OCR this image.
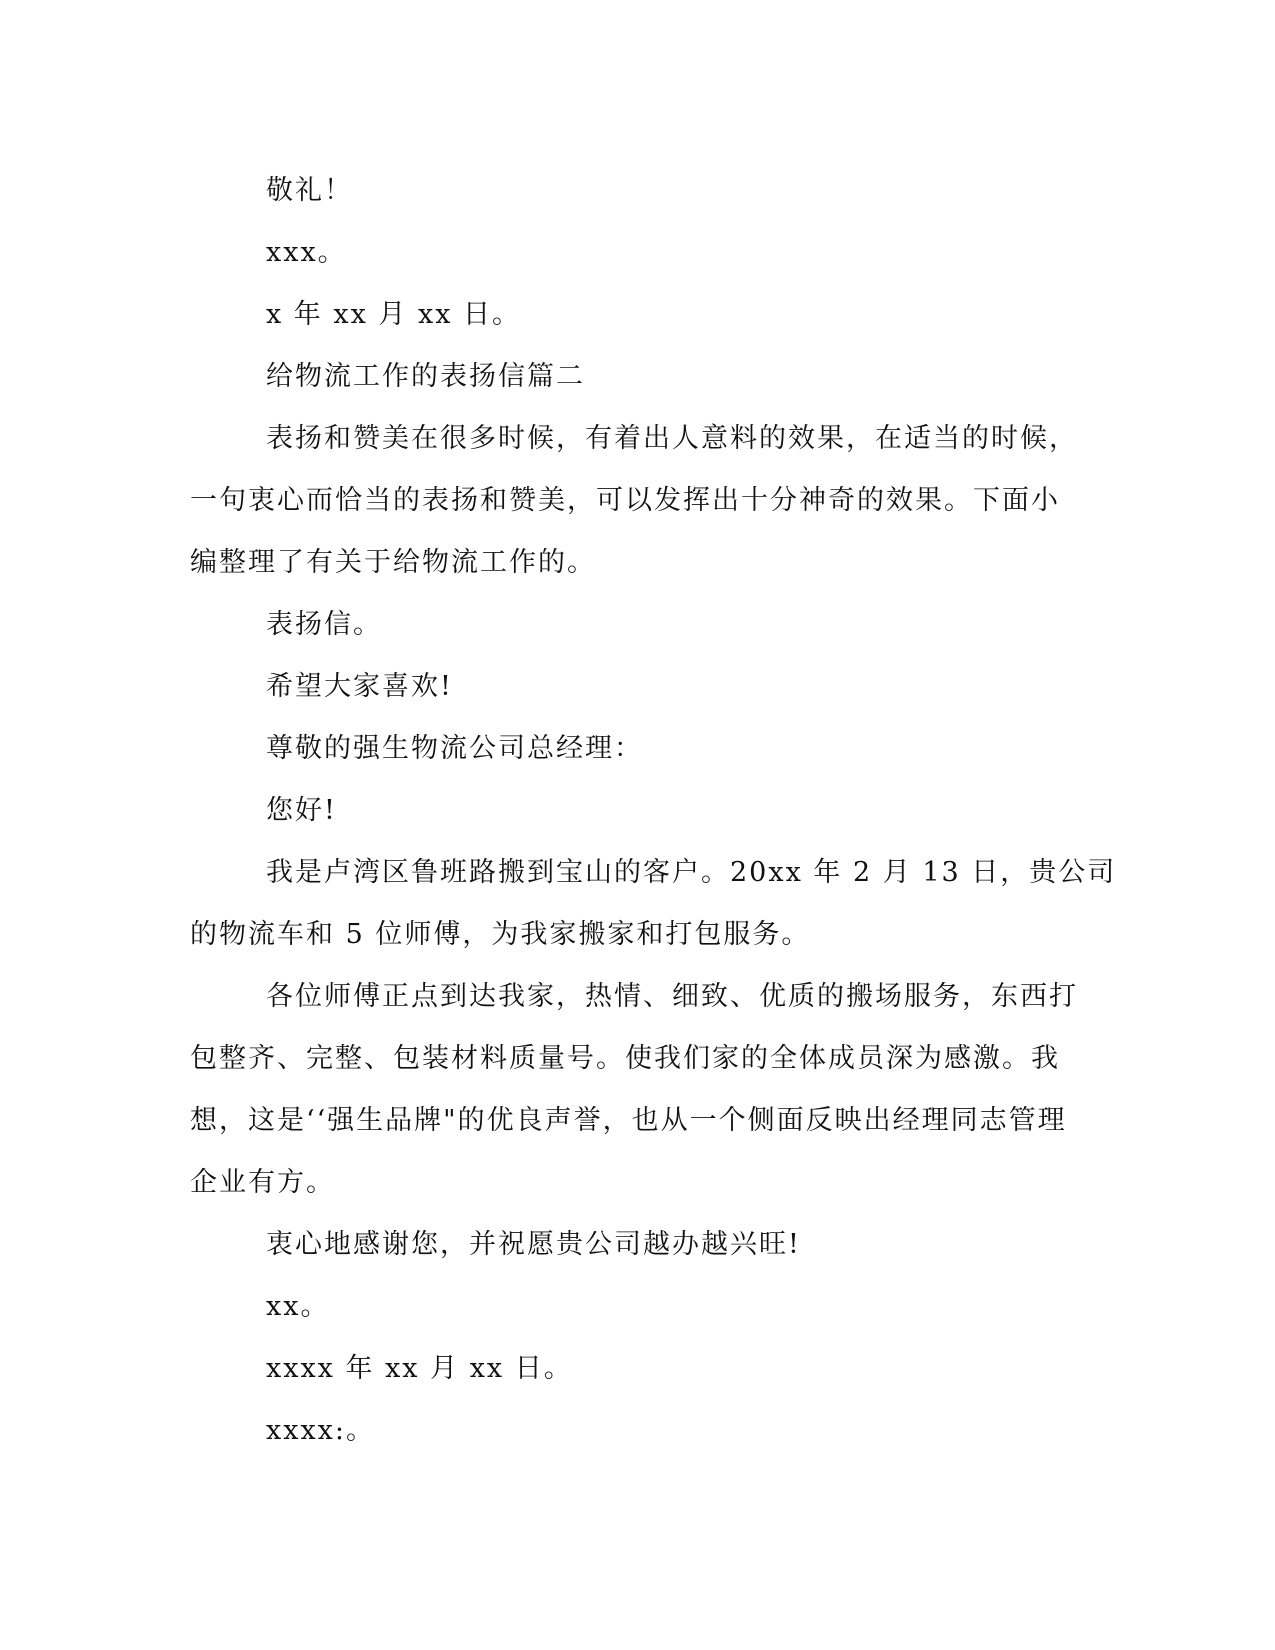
敬礼！

xxx。

x 年 xx 月 xx 日。

给物流工作的表扬信篇二

表扬和赞美在很多时候，有着出人意料的效果，在适当的时候，

一句衷心而恰当的表扬和赞美，可以发挥出十分神奇的效果。下面小

编整理了有关于给物流工作的。

表扬信。

希望大家喜欢!

尊敬的强生物流公司总经理：

您好!

我是卢湾区鲁班路搬到宝山的客户。20xx 年 2 月 13 日，贵公司

的物流车和 5 位师傅，为我家搬家和打包服务。

各位师傅正点到达我家，热情、细致、优质的搬场服务，东西打

包整齐、完整、包装材料质量号。使我们家的全体成员深为感激。我

想，这是‘‘强生品牌"的优良声誉，也从一个侧面反映出经理同志管理

企业有方。

衷心地感谢您，并祝愿贵公司越办越兴旺!

xx。

xxxx 年 xx 月 xx 日。

xxxx:。
